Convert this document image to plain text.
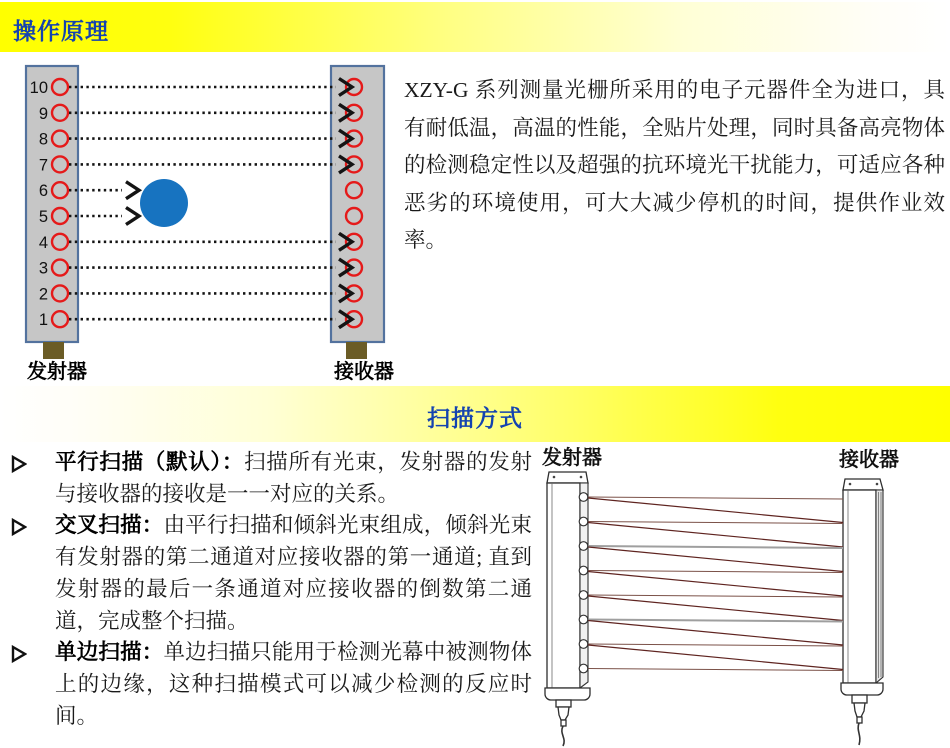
操作原理
10
9
8
7
6
5
4
3
2
1
发射器	接收器
XZY-G 系列测量光栅所采用的电子元器件全为进口，具有耐低温，高温的性能，全贴片处理，同时具备高亮物体的检测稳定性以及超强的抗环境光干扰能力，可适应各种恶劣的环境使用，可大大减少停机的时间，提供作业效率。
扫描方式
平行扫描（默认）：扫描所有光束，发射器的发射与接收器的接收是一一对应的关系。
交叉扫描：由平行扫描和倾斜光束组成，倾斜光束有发射器的第二通道对应接收器的第一通道; 直到发射器的最后一条通道对应接收器的倒数第二通道，完成整个扫描。
单边扫描：单边扫描只能用于检测光幕中被测物体上的边缘，这种扫描模式可以减少检测的反应时间。
发射器	接收器
